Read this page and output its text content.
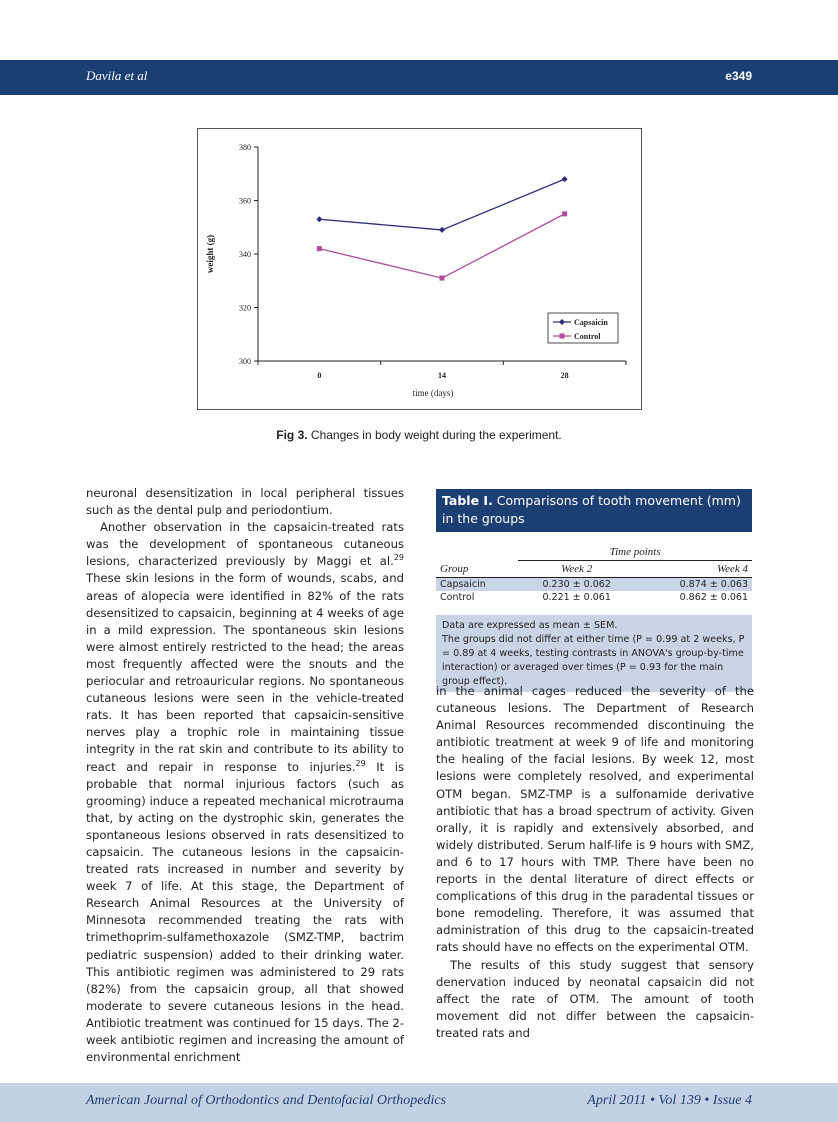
Davila et al	e349
300
320
340
360
380
0	14	28
Capsaicin
Control
time (days)
weight (g)
Fig 3. Changes in body weight during the experiment.

neuronal desensitization in local peripheral tissues such as the dental pulp and periodontium.

Another observation in the capsaicin-treated rats was the development of spontaneous cutaneous lesions, characterized previously by Maggi et al.$^{29}$ These skin lesions in the form of wounds, scabs, and areas of alopecia were identified in 82% of the rats desensitized to capsaicin, beginning at 4 weeks of age in a mild expression. The spontaneous skin lesions were almost entirely restricted to the head; the areas most frequently affected were the snouts and the periocular and retroauricular regions. No spontaneous cutaneous lesions were seen in the vehicle-treated rats. It has been reported that capsaicin-sensitive nerves play a trophic role in maintaining tissue integrity in the rat skin and contribute to its ability to react and repair in response to injuries.$^{29}$ It is probable that normal injurious factors (such as grooming) induce a repeated mechanical microtrauma that, by acting on the dystrophic skin, generates the spontaneous lesions observed in rats desensitized to capsaicin. The cutaneous lesions in the capsaicin-treated rats increased in number and severity by week 7 of life. At this stage, the Department of Research Animal Resources at the University of Minnesota recommended treating the rats with trimethoprim-sulfamethoxazole (SMZ-TMP, bactrim pediatric suspension) added to their drinking water. This antibiotic regimen was administered to 29 rats (82%) from the capsaicin group, all that showed moderate to severe cutaneous lesions in the head. Antibiotic treatment was continued for 15 days. The 2-week antibiotic regimen and increasing the amount of environmental enrichment

Table I. Comparisons of tooth movement (mm) in the groups
	Time points	
Group	Week 2	Week 4
Capsaicin	0.230 ± 0.062	0.874 ± 0.063
Control	0.221 ± 0.061	0.862 ± 0.061
Data are expressed as mean ± SEM.
The groups did not differ at either time (P = 0.99 at 2 weeks, P = 0.89 at 4 weeks, testing contrasts in ANOVA's group-by-time interaction) or averaged over times (P = 0.93 for the main group effect).

in the animal cages reduced the severity of the cutaneous lesions. The Department of Research Animal Resources recommended discontinuing the antibiotic treatment at week 9 of life and monitoring the healing of the facial lesions. By week 12, most lesions were completely resolved, and experimental OTM began. SMZ-TMP is a sulfonamide derivative antibiotic that has a broad spectrum of activity. Given orally, it is rapidly and extensively absorbed, and widely distributed. Serum half-life is 9 hours with SMZ, and 6 to 17 hours with TMP. There have been no reports in the dental literature of direct effects or complications of this drug in the paradental tissues or bone remodeling. Therefore, it was assumed that administration of this drug to the capsaicin-treated rats should have no effects on the experimental OTM.

The results of this study suggest that sensory denervation induced by neonatal capsaicin did not affect the rate of OTM. The amount of tooth movement did not differ between the capsaicin-treated rats and

American Journal of Orthodontics and Dentofacial Orthopedics	April 2011 • Vol 139 • Issue 4
